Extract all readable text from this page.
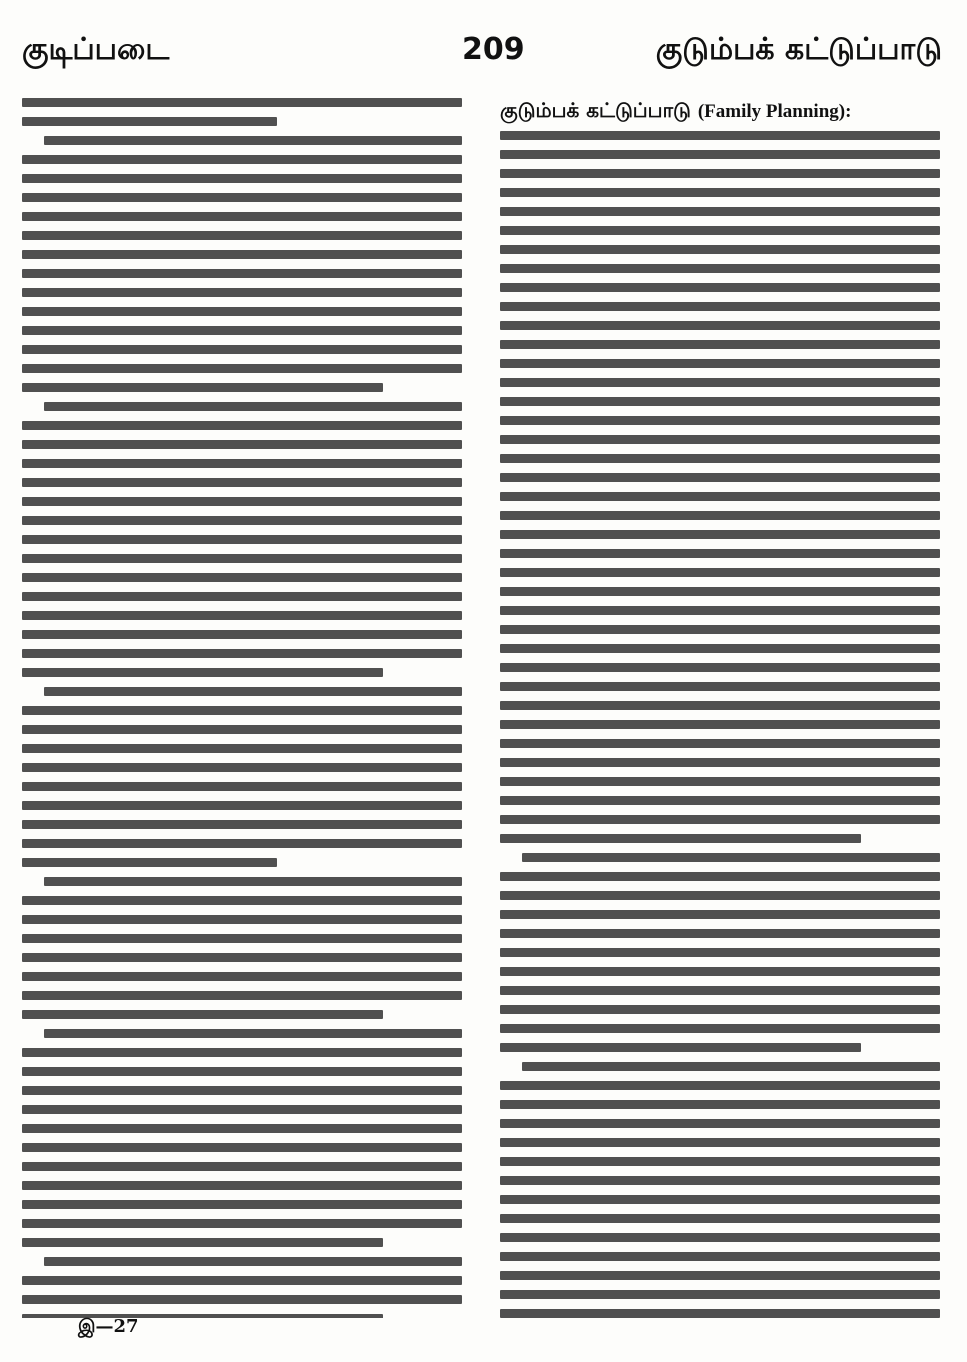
குடிப்படை	209	குடும்பக் கட்டுப்பாடு
குடும்பக் கட்டுப்பாடு (Family Planning):
இ—27
